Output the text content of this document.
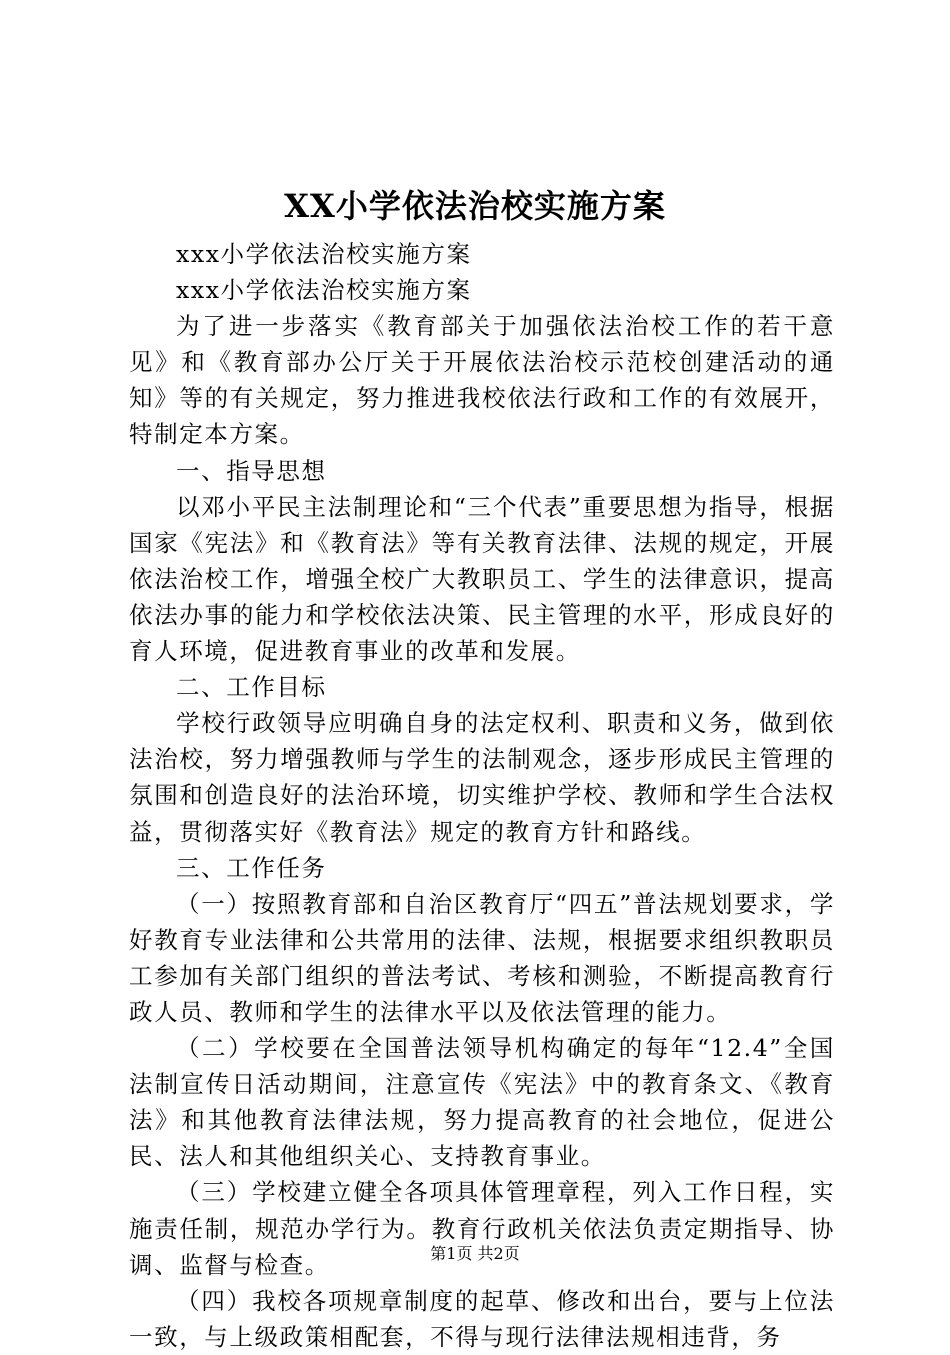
XX小学依法治校实施方案

xxx小学依法治校实施方案

xxx小学依法治校实施方案

为了进一步落实《教育部关于加强依法治校工作的若干意见》和《教育部办公厅关于开展依法治校示范校创建活动的通知》等的有关规定，努力推进我校依法行政和工作的有效展开，特制定本方案。

一、指导思想

以邓小平民主法制理论和“三个代表”重要思想为指导，根据国家《宪法》和《教育法》等有关教育法律、法规的规定，开展依法治校工作，增强全校广大教职员工、学生的法律意识，提高依法办事的能力和学校依法决策、民主管理的水平，形成良好的育人环境，促进教育事业的改革和发展。

二、工作目标

学校行政领导应明确自身的法定权利、职责和义务，做到依法治校，努力增强教师与学生的法制观念，逐步形成民主管理的氛围和创造良好的法治环境，切实维护学校、教师和学生合法权益，贯彻落实好《教育法》规定的教育方针和路线。

三、工作任务

（一）按照教育部和自治区教育厅“四五”普法规划要求，学好教育专业法律和公共常用的法律、法规，根据要求组织教职员工参加有关部门组织的普法考试、考核和测验，不断提高教育行政人员、教师和学生的法律水平以及依法管理的能力。

（二）学校要在全国普法领导机构确定的每年“12.4”全国法制宣传日活动期间，注意宣传《宪法》中的教育条文、《教育法》和其他教育法律法规，努力提高教育的社会地位，促进公民、法人和其他组织关心、支持教育事业。

（三）学校建立健全各项具体管理章程，列入工作日程，实施责任制，规范办学行为。教育行政机关依法负责定期指导、协调、监督与检查。

（四）我校各项规章制度的起草、修改和出台，要与上位法一致，与上级政策相配套，不得与现行法律法规相违背，务

第1页 共2页
